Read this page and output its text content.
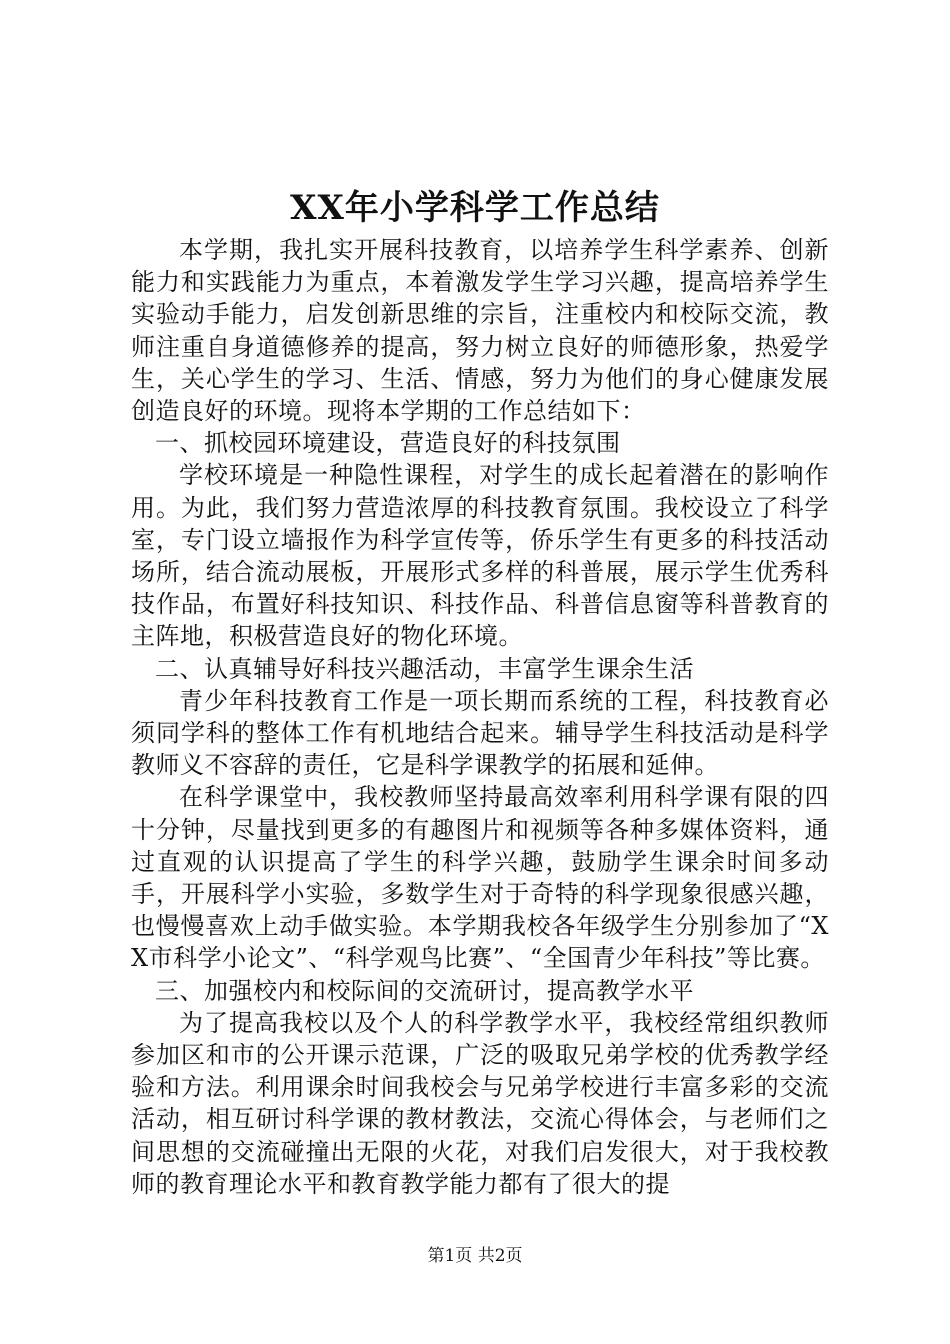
XX年小学科学工作总结

本学期，我扎实开展科技教育，以培养学生科学素养、创新能力和实践能力为重点，本着激发学生学习兴趣，提高培养学生实验动手能力，启发创新思维的宗旨，注重校内和校际交流，教师注重自身道德修养的提高，努力树立良好的师德形象，热爱学生，关心学生的学习、生活、情感，努力为他们的身心健康发展创造良好的环境。现将本学期的工作总结如下：

一、抓校园环境建设，营造良好的科技氛围

学校环境是一种隐性课程，对学生的成长起着潜在的影响作用。为此，我们努力营造浓厚的科技教育氛围。我校设立了科学室，专门设立墙报作为科学宣传等，侨乐学生有更多的科技活动场所，结合流动展板，开展形式多样的科普展，展示学生优秀科技作品，布置好科技知识、科技作品、科普信息窗等科普教育的主阵地，积极营造良好的物化环境。

二、认真辅导好科技兴趣活动，丰富学生课余生活

青少年科技教育工作是一项长期而系统的工程，科技教育必须同学科的整体工作有机地结合起来。辅导学生科技活动是科学教师义不容辞的责任，它是科学课教学的拓展和延伸。

在科学课堂中，我校教师坚持最高效率利用科学课有限的四十分钟，尽量找到更多的有趣图片和视频等各种多媒体资料，通过直观的认识提高了学生的科学兴趣，鼓励学生课余时间多动手，开展科学小实验，多数学生对于奇特的科学现象很感兴趣，也慢慢喜欢上动手做实验。本学期我校各年级学生分别参加了“XX市科学小论文”、“科学观鸟比赛”、“全国青少年科技”等比赛。

三、加强校内和校际间的交流研讨，提高教学水平

为了提高我校以及个人的科学教学水平，我校经常组织教师参加区和市的公开课示范课，广泛的吸取兄弟学校的优秀教学经验和方法。利用课余时间我校会与兄弟学校进行丰富多彩的交流活动，相互研讨科学课的教材教法，交流心得体会，与老师们之间思想的交流碰撞出无限的火花，对我们启发很大，对于我校教师的教育理论水平和教育教学能力都有了很大的提

第1页 共2页
